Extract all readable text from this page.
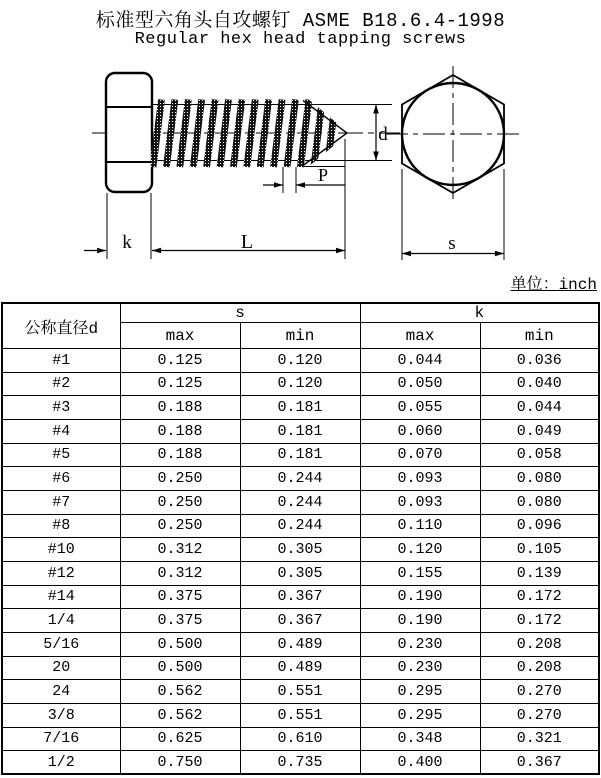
标准型六角头自攻螺钉 ASME B18.6.4-1998
Regular hex head tapping screws
d
P
k	L	s
单位：inch
公称直径d	s		k	
	max	min	max	min
#1	0.125	0.120	0.044	0.036
#2	0.125	0.120	0.050	0.040
#3	0.188	0.181	0.055	0.044
#4	0.188	0.181	0.060	0.049
#5	0.188	0.181	0.070	0.058
#6	0.250	0.244	0.093	0.080
#7	0.250	0.244	0.093	0.080
#8	0.250	0.244	0.110	0.096
#10	0.312	0.305	0.120	0.105
#12	0.312	0.305	0.155	0.139
#14	0.375	0.367	0.190	0.172
1/4	0.375	0.367	0.190	0.172
5/16	0.500	0.489	0.230	0.208
20	0.500	0.489	0.230	0.208
24	0.562	0.551	0.295	0.270
3/8	0.562	0.551	0.295	0.270
7/16	0.625	0.610	0.348	0.321
1/2	0.750	0.735	0.400	0.367
